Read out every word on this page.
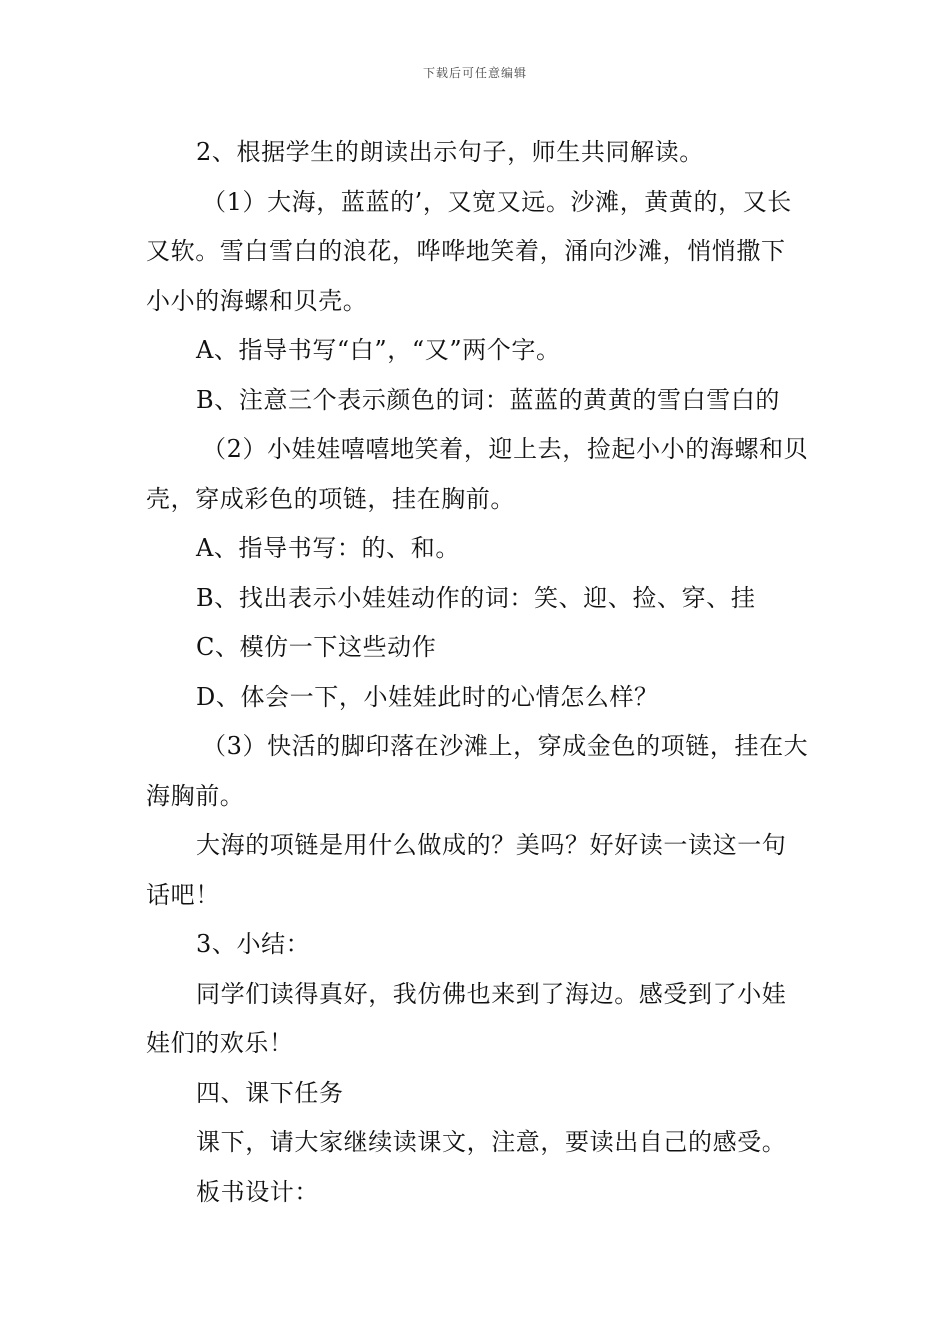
下载后可任意编辑

2、根据学生的朗读出示句子，师生共同解读。

（1）大海，蓝蓝的’，又宽又远。沙滩，黄黄的，又长又软。雪白雪白的浪花，哗哗地笑着，涌向沙滩，悄悄撒下小小的海螺和贝壳。

A、指导书写“白”，“又”两个字。

B、注意三个表示颜色的词：蓝蓝的黄黄的雪白雪白的

（2）小娃娃嘻嘻地笑着，迎上去，捡起小小的海螺和贝壳，穿成彩色的项链，挂在胸前。

A、指导书写：的、和。

B、找出表示小娃娃动作的词：笑、迎、捡、穿、挂

C、模仿一下这些动作

D、体会一下，小娃娃此时的心情怎么样？

（3）快活的脚印落在沙滩上，穿成金色的项链，挂在大海胸前。

大海的项链是用什么做成的？美吗？好好读一读这一句话吧！

3、小结：

同学们读得真好，我仿佛也来到了海边。感受到了小娃娃们的欢乐！

四、课下任务

课下，请大家继续读课文，注意，要读出自己的感受。

板书设计：
